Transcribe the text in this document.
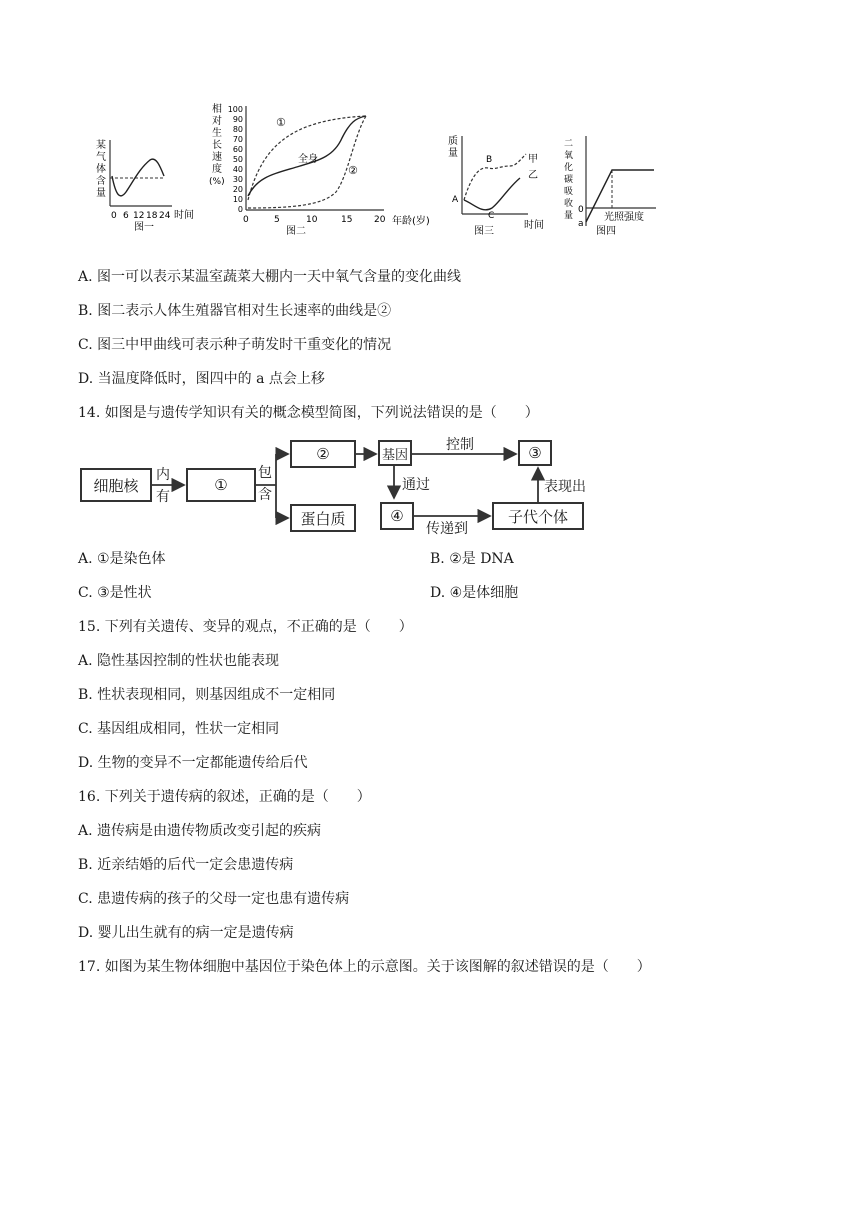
某
气
体
含
量
0 6 12 18 24 时间
图一
相
对
生
长
速
度
(%)
0
10
20
30
40
50
60
70
80
90
100
0	5	10	15 20
①
全身
②
年龄(岁)
图二
质
量
A
B
C
甲
乙
时间
图三
二
氧
化
碳
吸
收
量
0
a
光照强度
图四
A. 图一可以表示某温室蔬菜大棚内一天中氧气含量的变化曲线
B. 图二表示人体生殖器官相对生长速率的曲线是②
C. 图三中甲曲线可表示种子萌发时干重变化的情况
D. 当温度降低时，图四中的 a 点会上移
14. 如图是与遗传学知识有关的概念模型简图，下列说法错误的是（　　）
细胞核
内
有
①
包
含
②
蛋白质
基因
控制	③
通过
④
传递到
子代个体
表现出
A. ①是染色体	B. ②是 DNA
C. ③是性状	D. ④是体细胞
15. 下列有关遗传、变异的观点，不正确的是（　　）
A. 隐性基因控制的性状也能表现
B. 性状表现相同，则基因组成不一定相同
C. 基因组成相同，性状一定相同
D. 生物的变异不一定都能遗传给后代
16. 下列关于遗传病的叙述，正确的是（　　）
A. 遗传病是由遗传物质改变引起的疾病
B. 近亲结婚的后代一定会患遗传病
C. 患遗传病的孩子的父母一定也患有遗传病
D. 婴儿出生就有的病一定是遗传病
17. 如图为某生物体细胞中基因位于染色体上的示意图。关于该图解的叙述错误的是（　　）
